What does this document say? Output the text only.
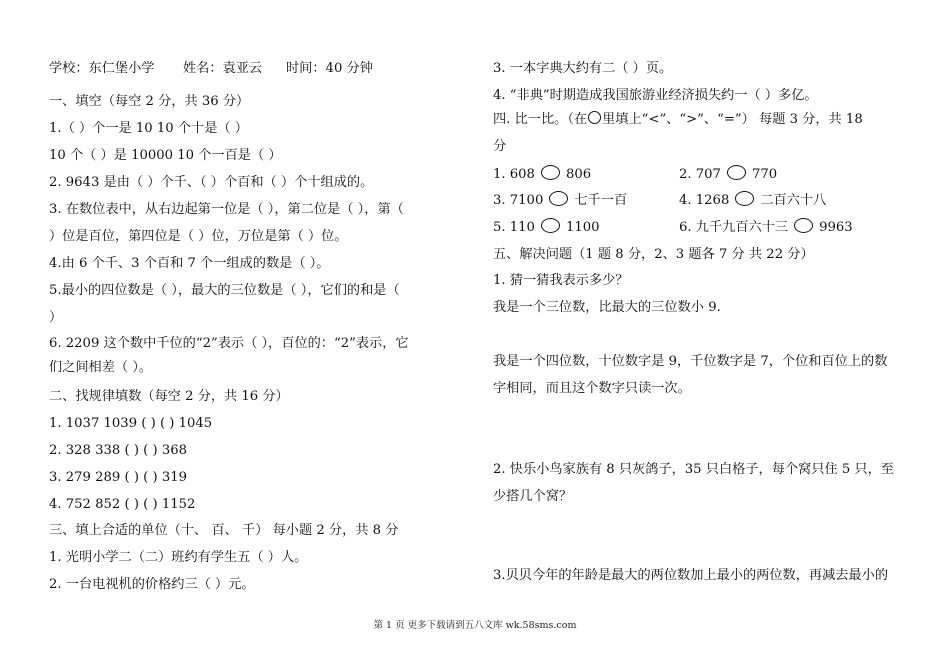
学校：东仁堡小学 姓名：袁亚云 时间：40 分钟
一、填空（每空 2 分，共 36 分）
1.（ ）个一是 10 10 个十是（ ）
10 个（ ）是 10000 10 个一百是（ ）
2. 9643 是由（ ）个千、（ ）个百和（ ）个十组成的。
3. 在数位表中，从右边起第一位是（ ），第二位是（ ），第（
）位是百位，第四位是（ ）位，万位是第（ ）位。
4.由 6 个千、3 个百和 7 个一组成的数是（ ）。
5.最小的四位数是（ ），最大的三位数是（ ），它们的和是（
）
6. 2209 这个数中千位的“2”表示（ ），百位的：“2”表示，它
们之间相差（ ）。
二、找规律填数（每空 2 分，共 16 分）
1. 1037 1039 ( ) ( ) 1045
2. 328 338 ( ) ( ) 368
3. 279 289 ( ) ( ) 319
4. 752 852 ( ) ( ) 1152
三、填上合适的单位（十、 百、 千） 每小题 2 分，共 8 分
1. 光明小学二（二）班约有学生五（ ）人。
2. 一台电视机的价格约三（ ）元。
3. 一本字典大约有二（ ）页。
4. “非典”时期造成我国旅游业经济损失约一（ ）多亿。
四. 比一比。（在 里填上“<”、“>”、“=”） 每题 3 分，共 18
分
1. 608 806	2. 707 770
3. 7100 七千一百	4. 1268 二百六十八
5. 110 1100	6. 九千九百六十三 9963
五、解决问题（1 题 8 分，2、3 题各 7 分 共 22 分）
1. 猜一猜我表示多少？
我是一个三位数，比最大的三位数小 9.
我是一个四位数，十位数字是 9，千位数字是 7，个位和百位上的数
字相同，而且这个数字只读一次。
2. 快乐小鸟家族有 8 只灰鸽子，35 只白格子，每个窝只住 5 只，至
少搭几个窝？
3.贝贝今年的年龄是最大的两位数加上最小的两位数，再减去最小的
第 1 页 更多下载请到五八文库 wk.58sms.com
